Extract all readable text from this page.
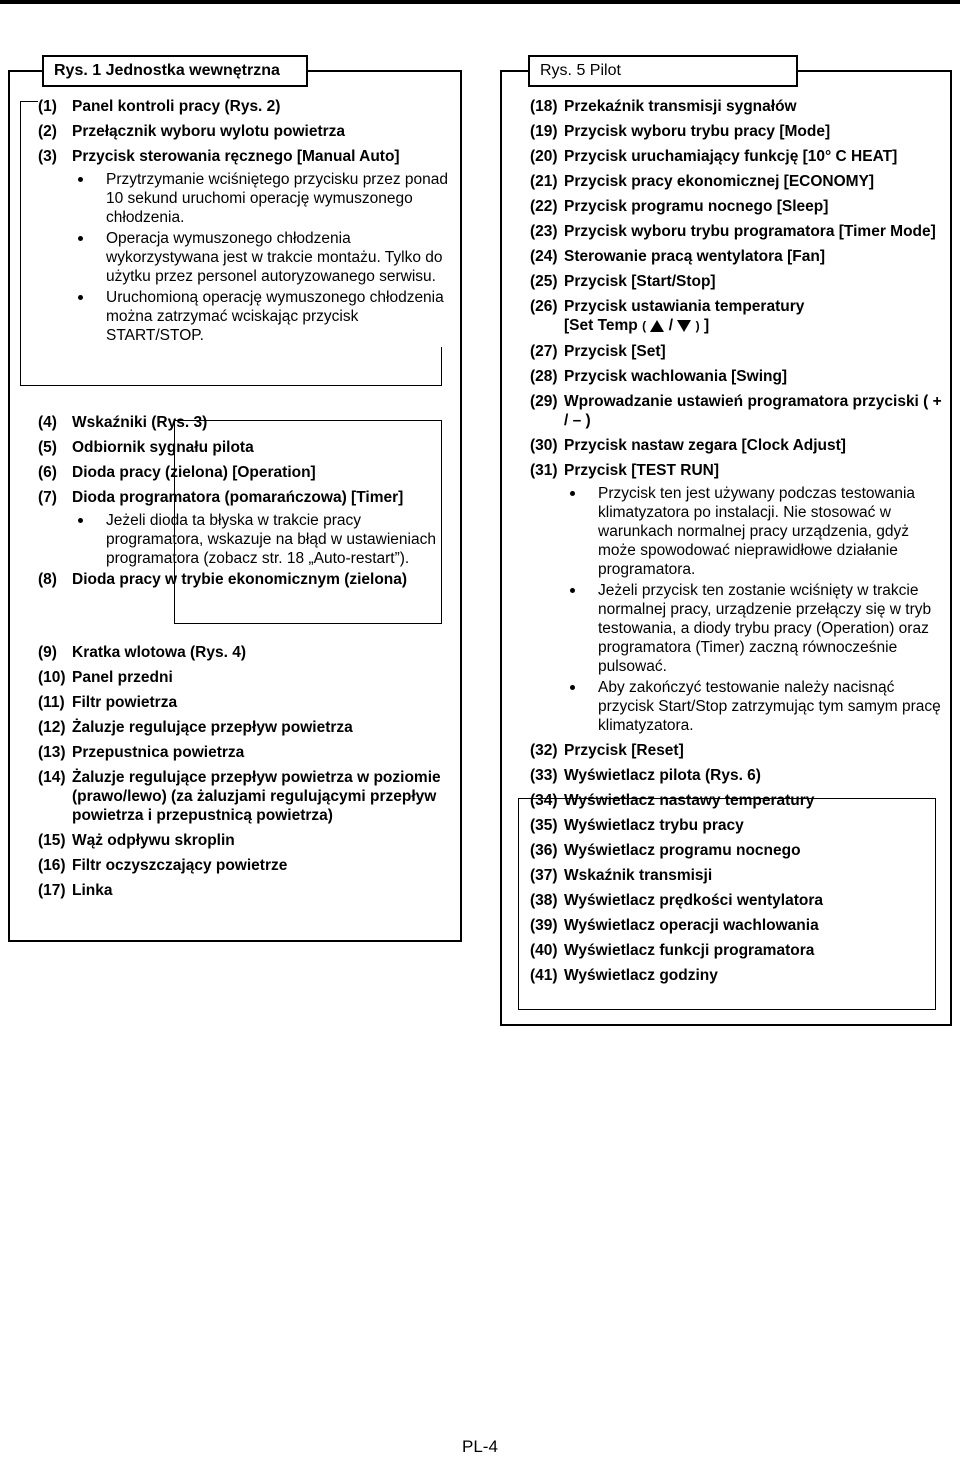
Rys. 1 Jednostka wewnętrzna
(1) Panel kontroli pracy (Rys. 2)
(2) Przełącznik wyboru wylotu powietrza
(3) Przycisk sterowania ręcznego [Manual Auto]
Przytrzymanie wciśniętego przycisku przez ponad 10 sekund uruchomi operację wymuszonego chłodzenia.
Operacja wymuszonego chłodzenia wykorzystywana jest w trakcie montażu. Tylko do użytku przez personel autoryzowanego serwisu.
Uruchomioną operację wymuszonego chłodzenia można zatrzymać wciskając przycisk START/STOP.
(4) Wskaźniki (Rys. 3)
(5) Odbiornik sygnału pilota
(6) Dioda pracy (zielona) [Operation]
(7) Dioda programatora (pomarańczowa) [Timer]
Jeżeli dioda ta błyska w trakcie pracy programatora, wskazuje na błąd w ustawieniach programatora (zobacz str. 18 „Auto-restart”).
(8) Dioda pracy w trybie ekonomicznym (zielona)
(9) Kratka wlotowa (Rys. 4)
(10) Panel przedni
(11) Filtr powietrza
(12) Żaluzje regulujące przepływ powietrza
(13) Przepustnica powietrza
(14) Żaluzje regulujące przepływ powietrza w poziomie (prawo/lewo) (za żaluzjami regulującymi przepływ powietrza i przepustnicą powietrza)
(15) Wąż odpływu skroplin
(16) Filtr oczyszczający powietrze
(17) Linka
Rys. 5 Pilot
(18) Przekaźnik transmisji sygnałów
(19) Przycisk wyboru trybu pracy [Mode]
(20) Przycisk uruchamiający funkcję [10° C HEAT]
(21) Przycisk pracy ekonomicznej [ECONOMY]
(22) Przycisk programu nocnego [Sleep]
(23) Przycisk wyboru trybu programatora [Timer Mode]
(24) Sterowanie pracą wentylatora [Fan]
(25) Przycisk [Start/Stop]
(26) Przycisk ustawiania temperatury
[Set Temp ( / ) ]
(27) Przycisk [Set]
(28) Przycisk wachlowania [Swing]
(29) Wprowadzanie ustawień programatora przyciski ( + / – )
(30) Przycisk nastaw zegara [Clock Adjust]
(31) Przycisk [TEST RUN]
Przycisk ten jest używany podczas testowania klimatyzatora po instalacji. Nie stosować w warunkach normalnej pracy urządzenia, gdyż może spowodować nieprawidłowe działanie programatora.
Jeżeli przycisk ten zostanie wciśnięty w trakcie normalnej pracy, urządzenie przełączy się w tryb testowania, a diody trybu pracy (Operation) oraz programatora (Timer) zaczną równocześnie pulsować.
Aby zakończyć testowanie należy nacisnąć przycisk Start/Stop zatrzymując tym samym pracę klimatyzatora.
(32) Przycisk [Reset]
(33) Wyświetlacz pilota (Rys. 6)
(34) Wyświetlacz nastawy temperatury
(35) Wyświetlacz trybu pracy
(36) Wyświetlacz programu nocnego
(37) Wskaźnik transmisji
(38) Wyświetlacz prędkości wentylatora
(39) Wyświetlacz operacji wachlowania
(40) Wyświetlacz funkcji programatora
(41) Wyświetlacz godziny
PL-4
